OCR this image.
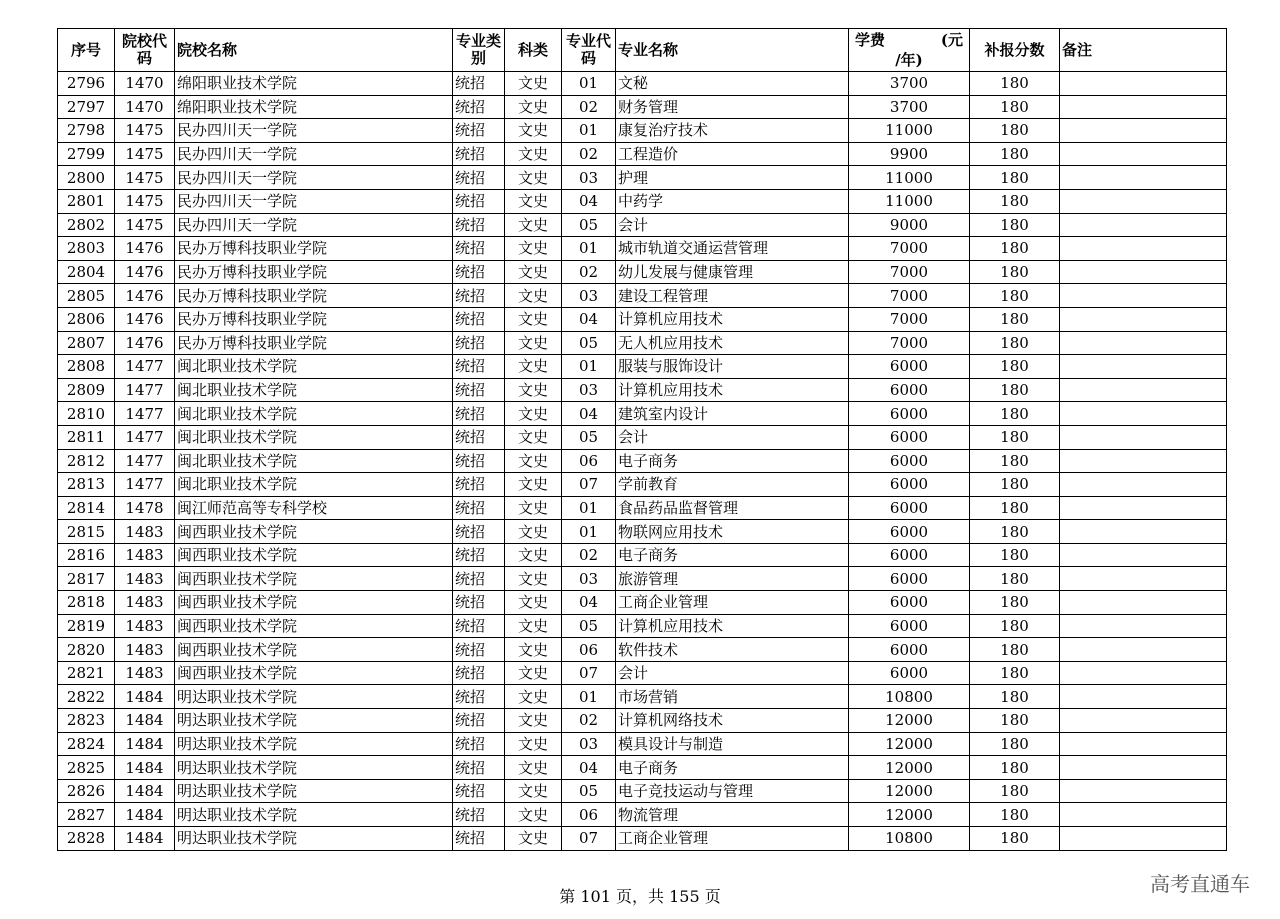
序号	院校代码	院校名称	专业类别	科类	专业代码	专业名称	学费 (元
/年)	补报分数	备注
2796	1470	绵阳职业技术学院	统招	文史	01	文秘	3700	180	
2797	1470	绵阳职业技术学院	统招	文史	02	财务管理	3700	180	
2798	1475	民办四川天一学院	统招	文史	01	康复治疗技术	11000	180	
2799	1475	民办四川天一学院	统招	文史	02	工程造价	9900	180	
2800	1475	民办四川天一学院	统招	文史	03	护理	11000	180	
2801	1475	民办四川天一学院	统招	文史	04	中药学	11000	180	
2802	1475	民办四川天一学院	统招	文史	05	会计	9000	180	
2803	1476	民办万博科技职业学院	统招	文史	01	城市轨道交通运营管理	7000	180	
2804	1476	民办万博科技职业学院	统招	文史	02	幼儿发展与健康管理	7000	180	
2805	1476	民办万博科技职业学院	统招	文史	03	建设工程管理	7000	180	
2806	1476	民办万博科技职业学院	统招	文史	04	计算机应用技术	7000	180	
2807	1476	民办万博科技职业学院	统招	文史	05	无人机应用技术	7000	180	
2808	1477	闽北职业技术学院	统招	文史	01	服装与服饰设计	6000	180	
2809	1477	闽北职业技术学院	统招	文史	03	计算机应用技术	6000	180	
2810	1477	闽北职业技术学院	统招	文史	04	建筑室内设计	6000	180	
2811	1477	闽北职业技术学院	统招	文史	05	会计	6000	180	
2812	1477	闽北职业技术学院	统招	文史	06	电子商务	6000	180	
2813	1477	闽北职业技术学院	统招	文史	07	学前教育	6000	180	
2814	1478	闽江师范高等专科学校	统招	文史	01	食品药品监督管理	6000	180	
2815	1483	闽西职业技术学院	统招	文史	01	物联网应用技术	6000	180	
2816	1483	闽西职业技术学院	统招	文史	02	电子商务	6000	180	
2817	1483	闽西职业技术学院	统招	文史	03	旅游管理	6000	180	
2818	1483	闽西职业技术学院	统招	文史	04	工商企业管理	6000	180	
2819	1483	闽西职业技术学院	统招	文史	05	计算机应用技术	6000	180	
2820	1483	闽西职业技术学院	统招	文史	06	软件技术	6000	180	
2821	1483	闽西职业技术学院	统招	文史	07	会计	6000	180	
2822	1484	明达职业技术学院	统招	文史	01	市场营销	10800	180	
2823	1484	明达职业技术学院	统招	文史	02	计算机网络技术	12000	180	
2824	1484	明达职业技术学院	统招	文史	03	模具设计与制造	12000	180	
2825	1484	明达职业技术学院	统招	文史	04	电子商务	12000	180	
2826	1484	明达职业技术学院	统招	文史	05	电子竞技运动与管理	12000	180	
2827	1484	明达职业技术学院	统招	文史	06	物流管理	12000	180	
2828	1484	明达职业技术学院	统招	文史	07	工商企业管理	10800	180	
第 101 页，共 155 页
高考直通车
